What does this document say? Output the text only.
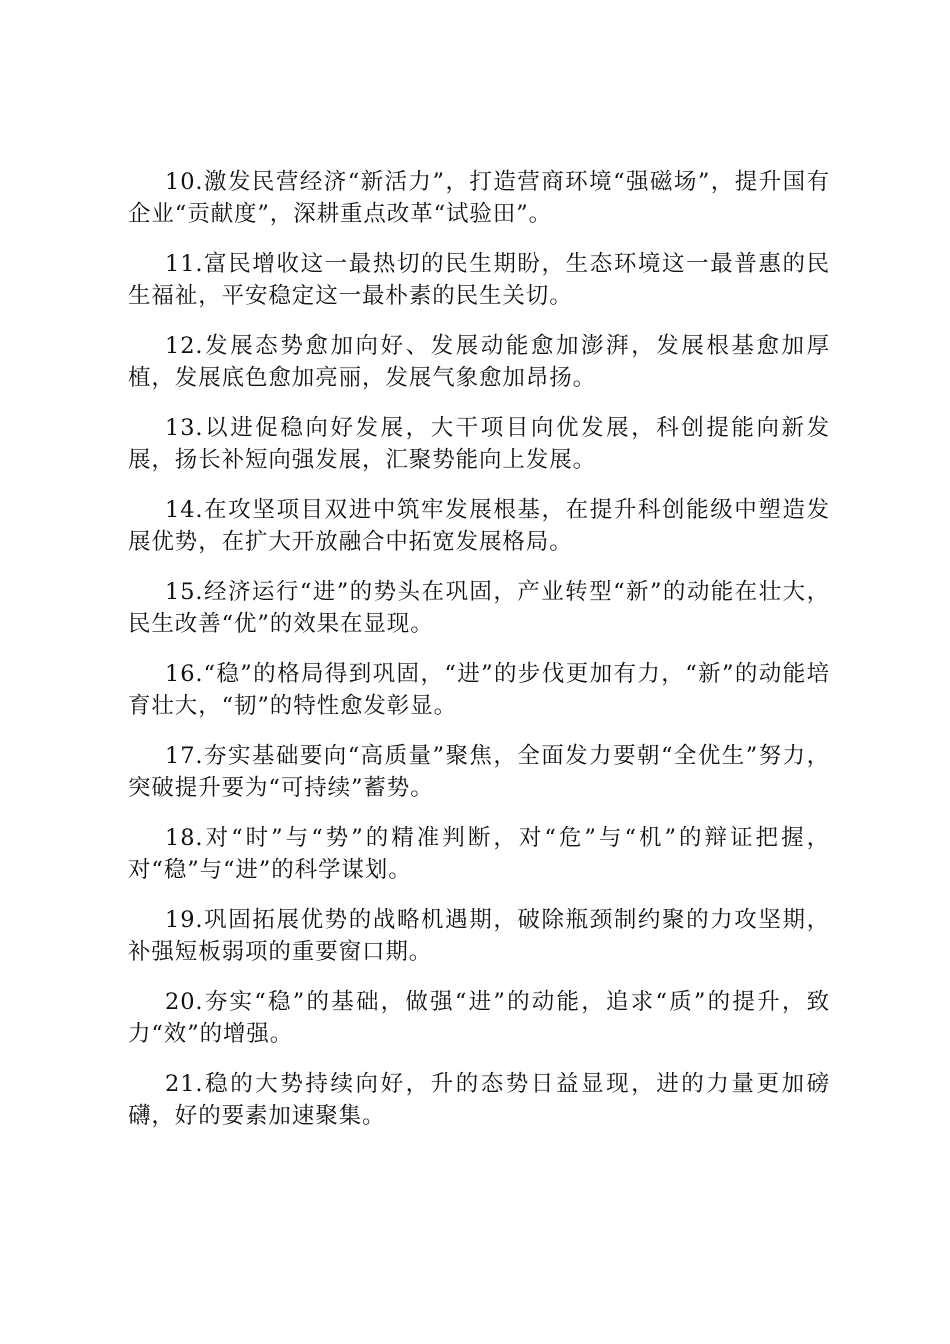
10.激发民营经济“新活力”，打造营商环境“强磁场”，提升国有企业“贡献度”，深耕重点改革“试验田”。

11.富民增收这一最热切的民生期盼，生态环境这一最普惠的民生福祉，平安稳定这一最朴素的民生关切。

12.发展态势愈加向好、发展动能愈加澎湃，发展根基愈加厚植，发展底色愈加亮丽，发展气象愈加昂扬。

13.以进促稳向好发展，大干项目向优发展，科创提能向新发展，扬长补短向强发展，汇聚势能向上发展。

14.在攻坚项目双进中筑牢发展根基，在提升科创能级中塑造发展优势，在扩大开放融合中拓宽发展格局。

15.经济运行“进”的势头在巩固，产业转型“新”的动能在壮大，民生改善“优”的效果在显现。

16.“稳”的格局得到巩固，“进”的步伐更加有力，“新”的动能培育壮大，“韧”的特性愈发彰显。

17.夯实基础要向“高质量”聚焦，全面发力要朝“全优生”努力，突破提升要为“可持续”蓄势。

18.对“时”与“势”的精准判断，对“危”与“机”的辩证把握，对“稳”与“进”的科学谋划。

19.巩固拓展优势的战略机遇期，破除瓶颈制约聚的力攻坚期，补强短板弱项的重要窗口期。

20.夯实“稳”的基础，做强“进”的动能，追求“质”的提升，致力“效”的增强。

21.稳的大势持续向好，升的态势日益显现，进的力量更加磅礴，好的要素加速聚集。
